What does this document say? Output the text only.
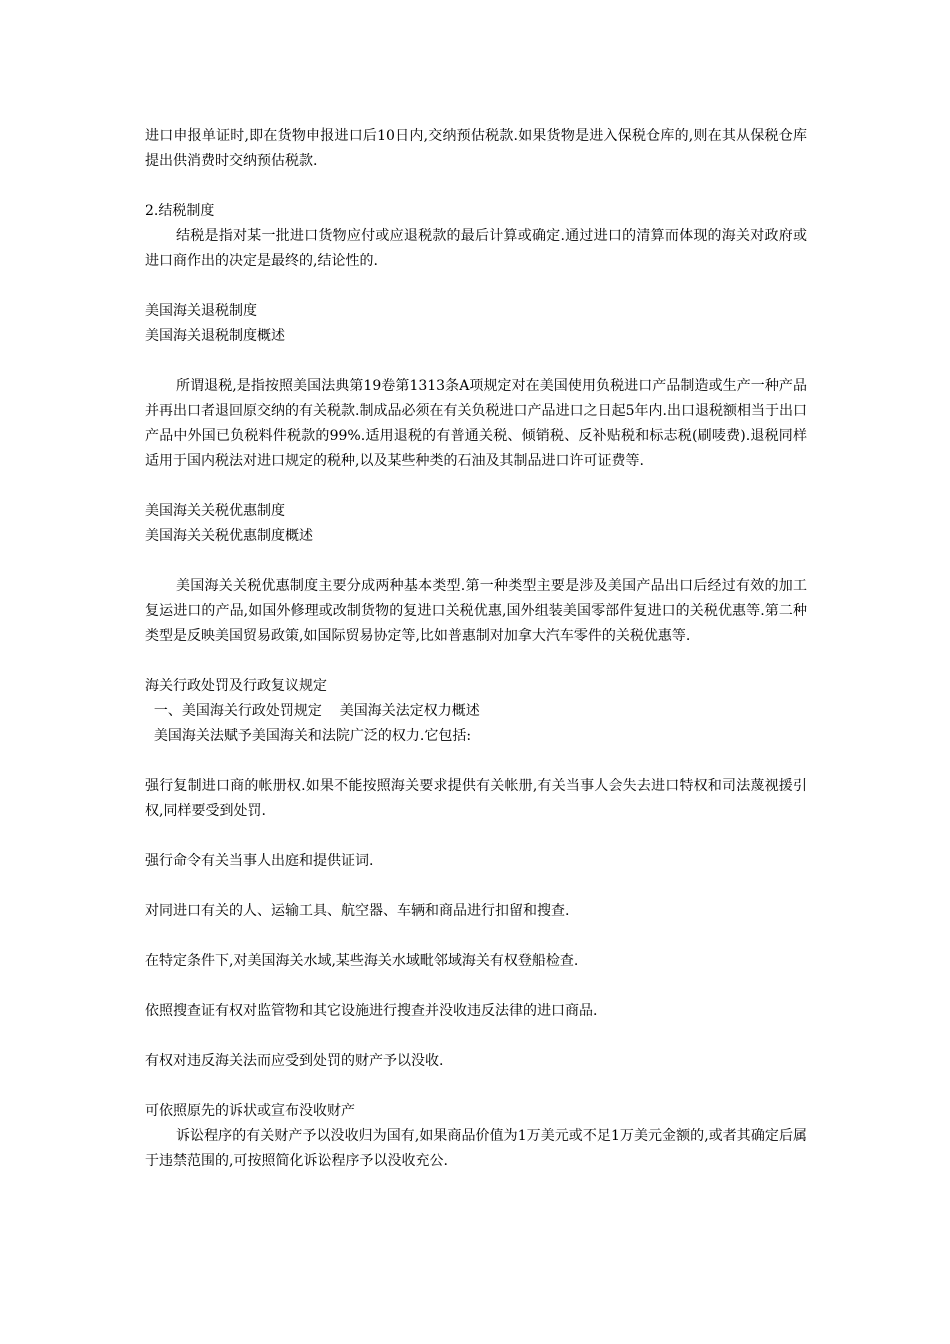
进口申报单证时,即在货物申报进口后10日内,交纳预估税款.如果货物是进入保税仓库的,则在其从保税仓库提出供消费时交纳预估税款.

2.结税制度

结税是指对某一批进口货物应付或应退税款的最后计算或确定.通过进口的清算而体现的海关对政府或进口商作出的决定是最终的,结论性的.

美国海关退税制度

美国海关退税制度概述

所谓退税,是指按照美国法典第19卷第1313条A项规定对在美国使用负税进口产品制造或生产一种产品并再出口者退回原交纳的有关税款.制成品必须在有关负税进口产品进口之日起5年内.出口退税额相当于出口产品中外国已负税料件税款的99%.适用退税的有普通关税、倾销税、反补贴税和标志税(刷唛费).退税同样适用于国内税法对进口规定的税种,以及某些种类的石油及其制品进口许可证费等.

美国海关关税优惠制度

美国海关关税优惠制度概述

美国海关关税优惠制度主要分成两种基本类型.第一种类型主要是涉及美国产品出口后经过有效的加工复运进口的产品,如国外修理或改制货物的复进口关税优惠,国外组装美国零部件复进口的关税优惠等.第二种类型是反映美国贸易政策,如国际贸易协定等,比如普惠制对加拿大汽车零件的关税优惠等.

海关行政处罚及行政复议规定

一、美国海关行政处罚规定    美国海关法定权力概述

美国海关法赋予美国海关和法院广泛的权力.它包括:

强行复制进口商的帐册权.如果不能按照海关要求提供有关帐册,有关当事人会失去进口特权和司法蔑视援引权,同样要受到处罚.

强行命令有关当事人出庭和提供证词.

对同进口有关的人、运输工具、航空器、车辆和商品进行扣留和搜查.

在特定条件下,对美国海关水域,某些海关水域毗邻域海关有权登船检查.

依照搜查证有权对监管物和其它设施进行搜查并没收违反法律的进口商品.

有权对违反海关法而应受到处罚的财产予以没收.

可依照原先的诉状或宣布没收财产

诉讼程序的有关财产予以没收归为国有,如果商品价值为1万美元或不足1万美元金额的,或者其确定后属于违禁范围的,可按照简化诉讼程序予以没收充公.
